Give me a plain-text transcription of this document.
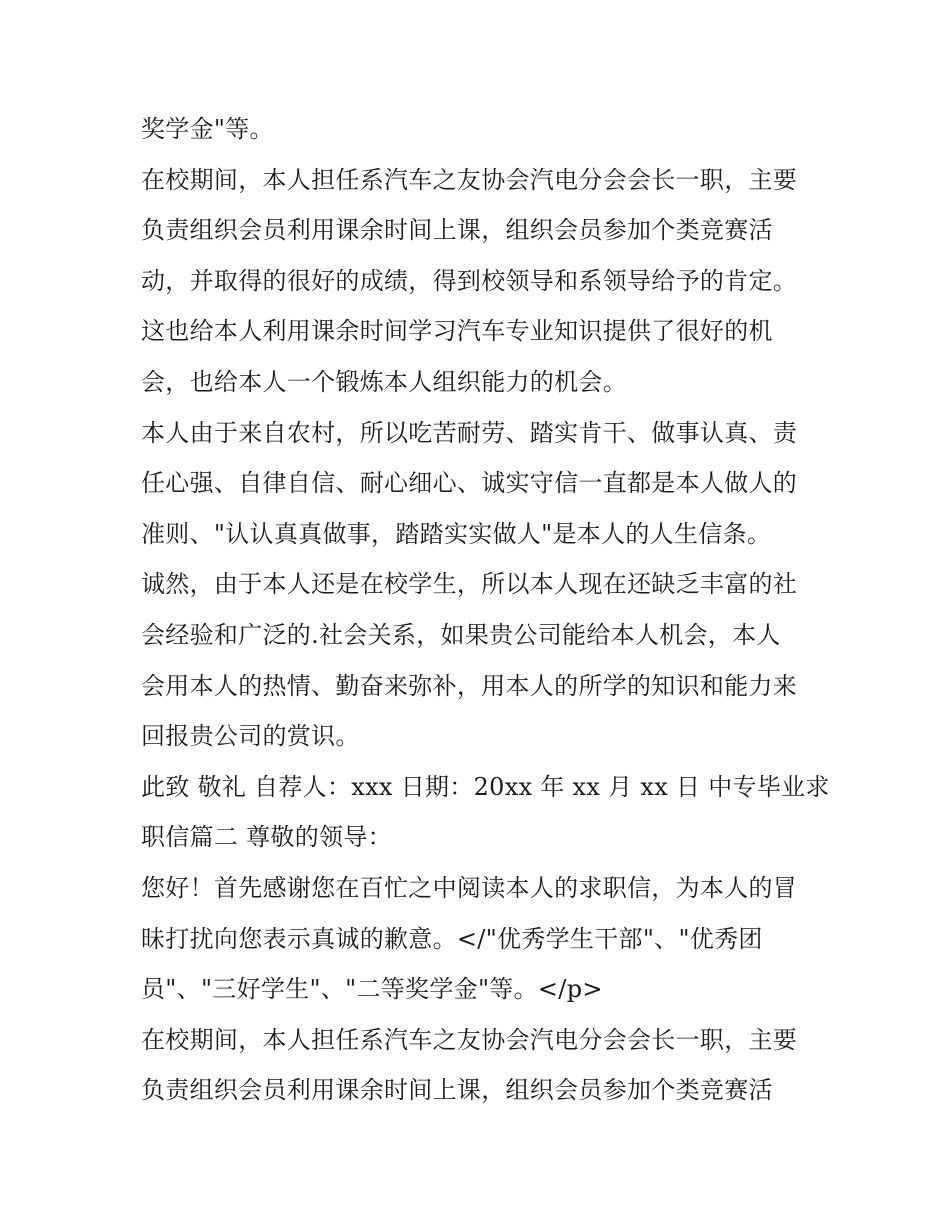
奖学金"等。
在校期间，本人担任系汽车之友协会汽电分会会长一职，主要
负责组织会员利用课余时间上课，组织会员参加个类竞赛活
动，并取得的很好的成绩，得到校领导和系领导给予的肯定。
这也给本人利用课余时间学习汽车专业知识提供了很好的机
会，也给本人一个锻炼本人组织能力的机会。
本人由于来自农村，所以吃苦耐劳、踏实肯干、做事认真、责
任心强、自律自信、耐心细心、诚实守信一直都是本人做人的
准则、"认认真真做事，踏踏实实做人"是本人的人生信条。
诚然，由于本人还是在校学生，所以本人现在还缺乏丰富的社
会经验和广泛的.社会关系，如果贵公司能给本人机会，本人
会用本人的热情、勤奋来弥补，用本人的所学的知识和能力来
回报贵公司的赏识。
此致 敬礼 自荐人：xxx 日期：20xx 年 xx 月 xx 日 中专毕业求
职信篇二 尊敬的领导：
您好！首先感谢您在百忙之中阅读本人的求职信，为本人的冒
昧打扰向您表示真诚的歉意。</"优秀学生干部"、"优秀团
员"、"三好学生"、"二等奖学金"等。</p>
在校期间，本人担任系汽车之友协会汽电分会会长一职，主要
负责组织会员利用课余时间上课，组织会员参加个类竞赛活
